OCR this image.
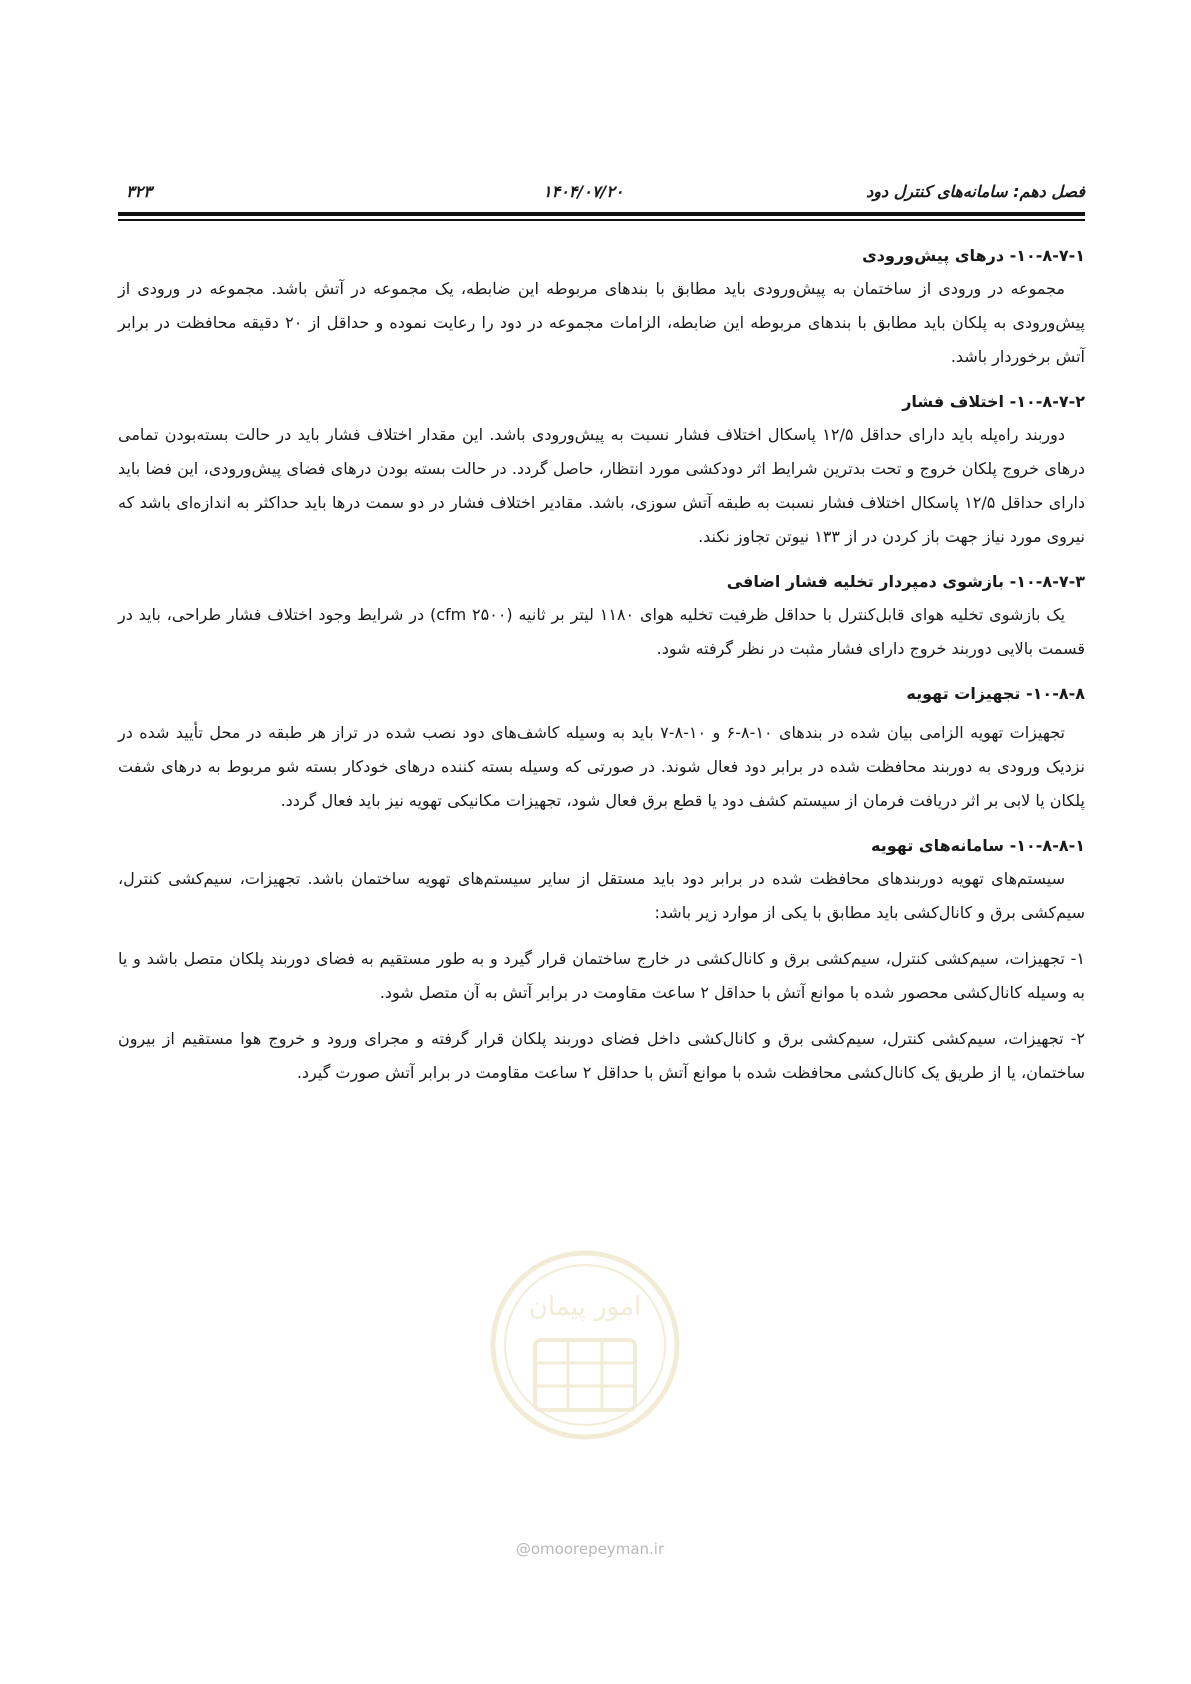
فصل دهم: سامانه‌های کنترل دود
۱۴۰۴/۰۷/۲۰
۳۲۳
۱۰-۸-۷-۱- درهای پیش‌ورودی

مجموعه در ورودی از ساختمان به پیش‌ورودی باید مطابق با بندهای مربوطه این ضابطه، یک مجموعه در آتش باشد. مجموعه در ورودی از پیش‌ورودی به پلکان باید مطابق با بندهای مربوطه این ضابطه، الزامات مجموعه در دود را رعایت نموده و حداقل از ۲۰ دقیقه محافظت در برابر آتش برخوردار باشد.

۱۰-۸-۷-۲- اختلاف فشار

دوربند راه‌پله باید دارای حداقل ۱۲/۵ پاسکال اختلاف فشار نسبت به پیش‌ورودی باشد. این مقدار اختلاف فشار باید در حالت بسته‌بودن تمامی درهای خروج پلکان خروج و تحت بدترین شرایط اثر دودکشی مورد انتظار، حاصل گردد. در حالت بسته بودن درهای فضای پیش‌ورودی، این فضا باید دارای حداقل ۱۲/۵ پاسکال اختلاف فشار نسبت به طبقه آتش سوزی، باشد. مقادیر اختلاف فشار در دو سمت درها باید حداکثر به اندازه‌ای باشد که نیروی مورد نیاز جهت باز کردن در از ۱۳۳ نیوتن تجاوز نکند.

۱۰-۸-۷-۳- بازشوی دمپردار تخلیه فشار اضافی

یک بازشوی تخلیه هوای قابل‌کنترل با حداقل ظرفیت تخلیه هوای ۱۱۸۰ لیتر بر ثانیه (cfm ۲۵۰۰) در شرایط وجود اختلاف فشار طراحی، باید در قسمت بالایی دوربند خروج دارای فشار مثبت در نظر گرفته شود.

۱۰-۸-۸- تجهیزات تهویه

تجهیزات تهویه الزامی بیان شده در بندهای ۱۰-۸-۶ و ۱۰-۸-۷ باید به وسیله کاشف‌های دود نصب شده در تراز هر طبقه در محل تأیید شده در نزدیک ورودی به دوربند محافظت شده در برابر دود فعال شوند. در صورتی که وسیله بسته کننده درهای خودکار بسته شو مربوط به درهای شفت پلکان یا لابی بر اثر دریافت فرمان از سیستم کشف دود یا قطع برق فعال شود، تجهیزات مکانیکی تهویه نیز باید فعال گردد.

۱۰-۸-۸-۱- سامانه‌های تهویه

سیستم‌های تهویه دوربندهای محافظت شده در برابر دود باید مستقل از سایر سیستم‌های تهویه ساختمان باشد. تجهیزات، سیم‌کشی کنترل، سیم‌کشی برق و کانال‌کشی باید مطابق با یکی از موارد زیر باشد:

۱- تجهیزات، سیم‌کشی کنترل، سیم‌کشی برق و کانال‌کشی در خارج ساختمان قرار گیرد و به طور مستقیم به فضای دوربند پلکان متصل باشد و یا به وسیله کانال‌کشی محصور شده با موانع آتش با حداقل ۲ ساعت مقاومت در برابر آتش به آن متصل شود.

۲- تجهیزات، سیم‌کشی کنترل، سیم‌کشی برق و کانال‌کشی داخل فضای دوربند پلکان قرار گرفته و مجرای ورود و خروج هوا مستقیم از بیرون ساختمان، یا از طریق یک کانال‌کشی محافظت شده با موانع آتش با حداقل ۲ ساعت مقاومت در برابر آتش صورت گیرد.

امور پیمان
@omoorepeyman.ir
